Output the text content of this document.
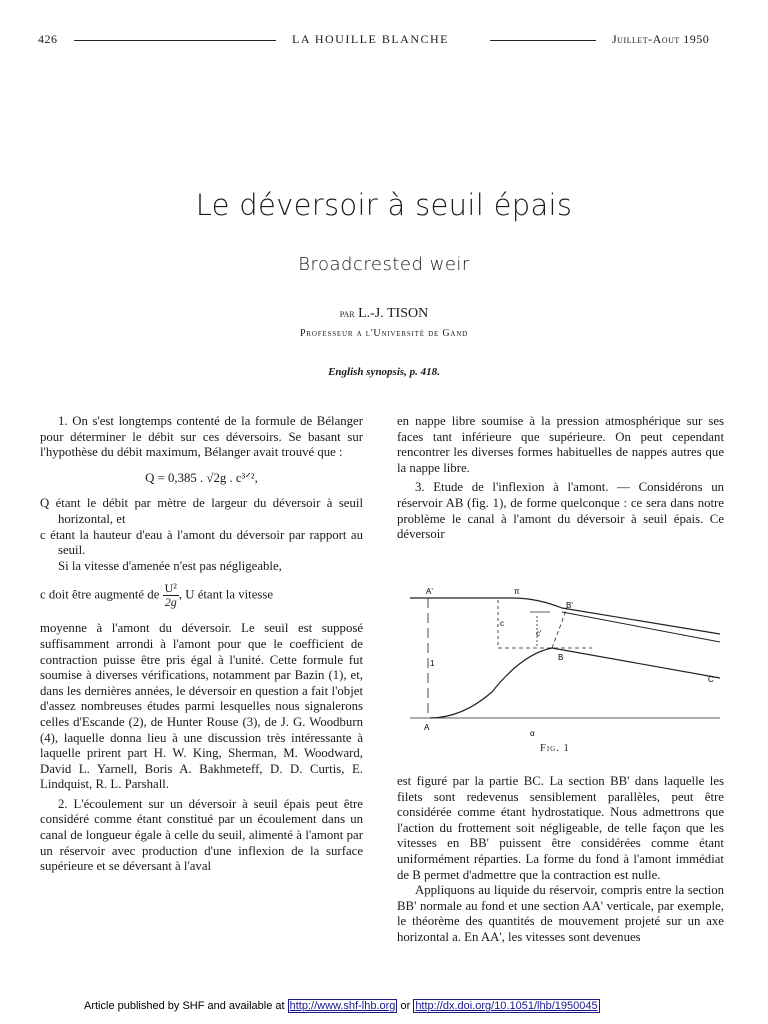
426	LA HOUILLE BLANCHE	Juillet-Aout 1950
Le déversoir à seuil épais
Broadcrested weir
par L.-J. TISON
Professeur a l'Université de Gand
English synopsis, p. 418.

1. On s'est longtemps contenté de la formule de Bélanger pour déterminer le débit sur ces déversoirs. Se basant sur l'hypothèse du débit maximum, Bélanger avait trouvé que :

Q = 0,385 . √2g . c³ᐟ²,

Q étant le débit par mètre de largeur du déversoir à seuil horizontal, et

c étant la hauteur d'eau à l'amont du déversoir par rapport au seuil.

Si la vitesse d'amenée n'est pas négligeable,

c doit être augmenté de $\frac{\text{U²}}{2g}$ , U étant la vitesse

moyenne à l'amont du déversoir. Le seuil est supposé suffisamment arrondi à l'amont pour que le coefficient de contraction puisse être pris égal à l'unité. Cette formule fut soumise à diverses vérifications, notamment par Bazin (1), et, dans les dernières années, le déversoir en question a fait l'objet d'assez nombreuses études parmi lesquelles nous signalerons celles d'Escande (2), de Hunter Rouse (3), de J. G. Woodburn (4), laquelle donna lieu à une discussion très intéressante à laquelle prirent part H. W. King, Sherman, M. Woodward, David L. Yarnell, Boris A. Bakhmeteff, D. D. Curtis, E. Lindquist, R. L. Parshall.

2. L'écoulement sur un déversoir à seuil épais peut être considéré comme étant constitué par un écoulement dans un canal de longueur égale à celle du seuil, alimenté à l'amont par un réservoir avec production d'une inflexion de la surface supérieure et se déversant à l'aval

en nappe libre soumise à la pression atmosphérique sur ses faces tant inférieure que supérieure. On peut cependant rencontrer les diverses formes habituelles de nappes autres que la nappe libre.

3. Etude de l'inflexion à l'amont. — Considérons un réservoir AB (fig. 1), de forme quelconque : ce sera dans notre problème le canal à l'amont du déversoir à seuil épais. Ce déversoir

A'
A
π
B'
B
C
c
c'
1
α
Fig. 1

est figuré par la partie BC. La section BB' dans laquelle les filets sont redevenus sensiblement parallèles, peut être considérée comme étant hydrostatique. Nous admettrons que l'action du frottement soit négligeable, de telle façon que les vitesses en BB' puissent être considérées comme étant uniformément réparties. La forme du fond à l'amont immédiat de B permet d'admettre que la contraction est nulle.

Appliquons au liquide du réservoir, compris entre la section BB' normale au fond et une section AA' verticale, par exemple, le théorème des quantités de mouvement projeté sur un axe horizontal a. En AA', les vitesses sont devenues

Article published by SHF and available at http://www.shf-lhb.org or http://dx.doi.org/10.1051/lhb/1950045
